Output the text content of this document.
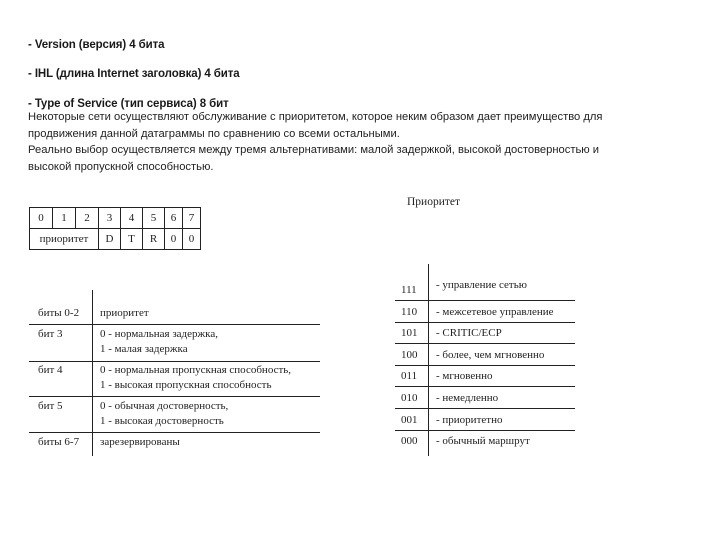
- Version (версия) 4 бита
- IHL (длина Internet заголовка) 4 бита
- Type of Service (тип сервиса) 8 бит
Некоторые сети осуществляют обслуживание с приоритетом, которое неким образом дает преимущество для
продвижения данной датаграммы по сравнению со всеми остальными.
Реально выбор осуществляется между тремя альтернативами: малой задержкой, высокой достоверностью и
высокой пропускной способностью.
0	1	2	3	4	5	6	7
приоритет			D	T	R	0	0
Приоритет
биты 0-2 приоритет
бит 3	0 - нормальная задержка,
1 - малая задержка
бит 4	0 - нормальная пропускная способность,
1 - высокая пропускная способность
бит 5	0 - обычная достоверность,
1 - высокая достоверность
биты 6-7 зарезервированы
111 - управление сетью
110 - межсетевое управление
101 - CRITIC/ECP
100 - более, чем мгновенно
011 - мгновенно
010 - немедленно
001 - приоритетно
000 - обычный маршрут
